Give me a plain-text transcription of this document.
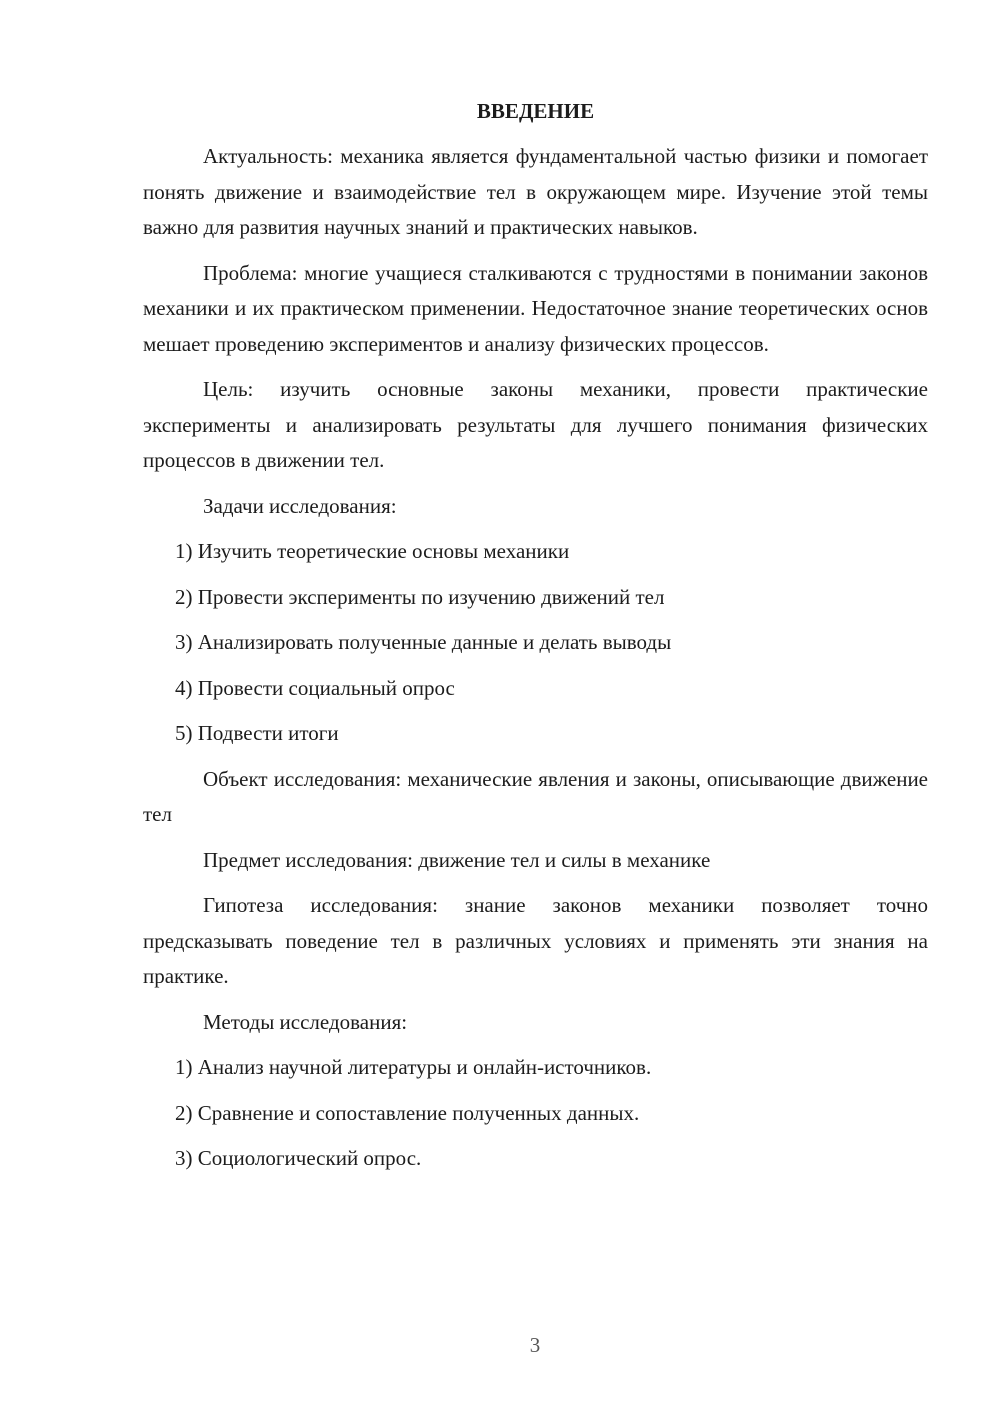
ВВЕДЕНИЕ

Актуальность: механика является фундаментальной частью физики и помогает понять движение и взаимодействие тел в окружающем мире. Изучение этой темы важно для развития научных знаний и практических навыков.

Проблема: многие учащиеся сталкиваются с трудностями в понимании законов механики и их практическом применении. Недостаточное знание теоретических основ мешает проведению экспериментов и анализу физических процессов.

Цель: изучить основные законы механики, провести практические эксперименты и анализировать результаты для лучшего понимания физических процессов в движении тел.

Задачи исследования:

1) Изучить теоретические основы механики

2) Провести эксперименты по изучению движений тел

3) Анализировать полученные данные и делать выводы

4) Провести социальный опрос

5) Подвести итоги

Объект исследования: механические явления и законы, описывающие движение тел

Предмет исследования: движение тел и силы в механике

Гипотеза исследования: знание законов механики позволяет точно предсказывать поведение тел в различных условиях и применять эти знания на практике.

Методы исследования:

1) Анализ научной литературы и онлайн-источников.

2) Сравнение и сопоставление полученных данных.

3) Социологический опрос.

3
